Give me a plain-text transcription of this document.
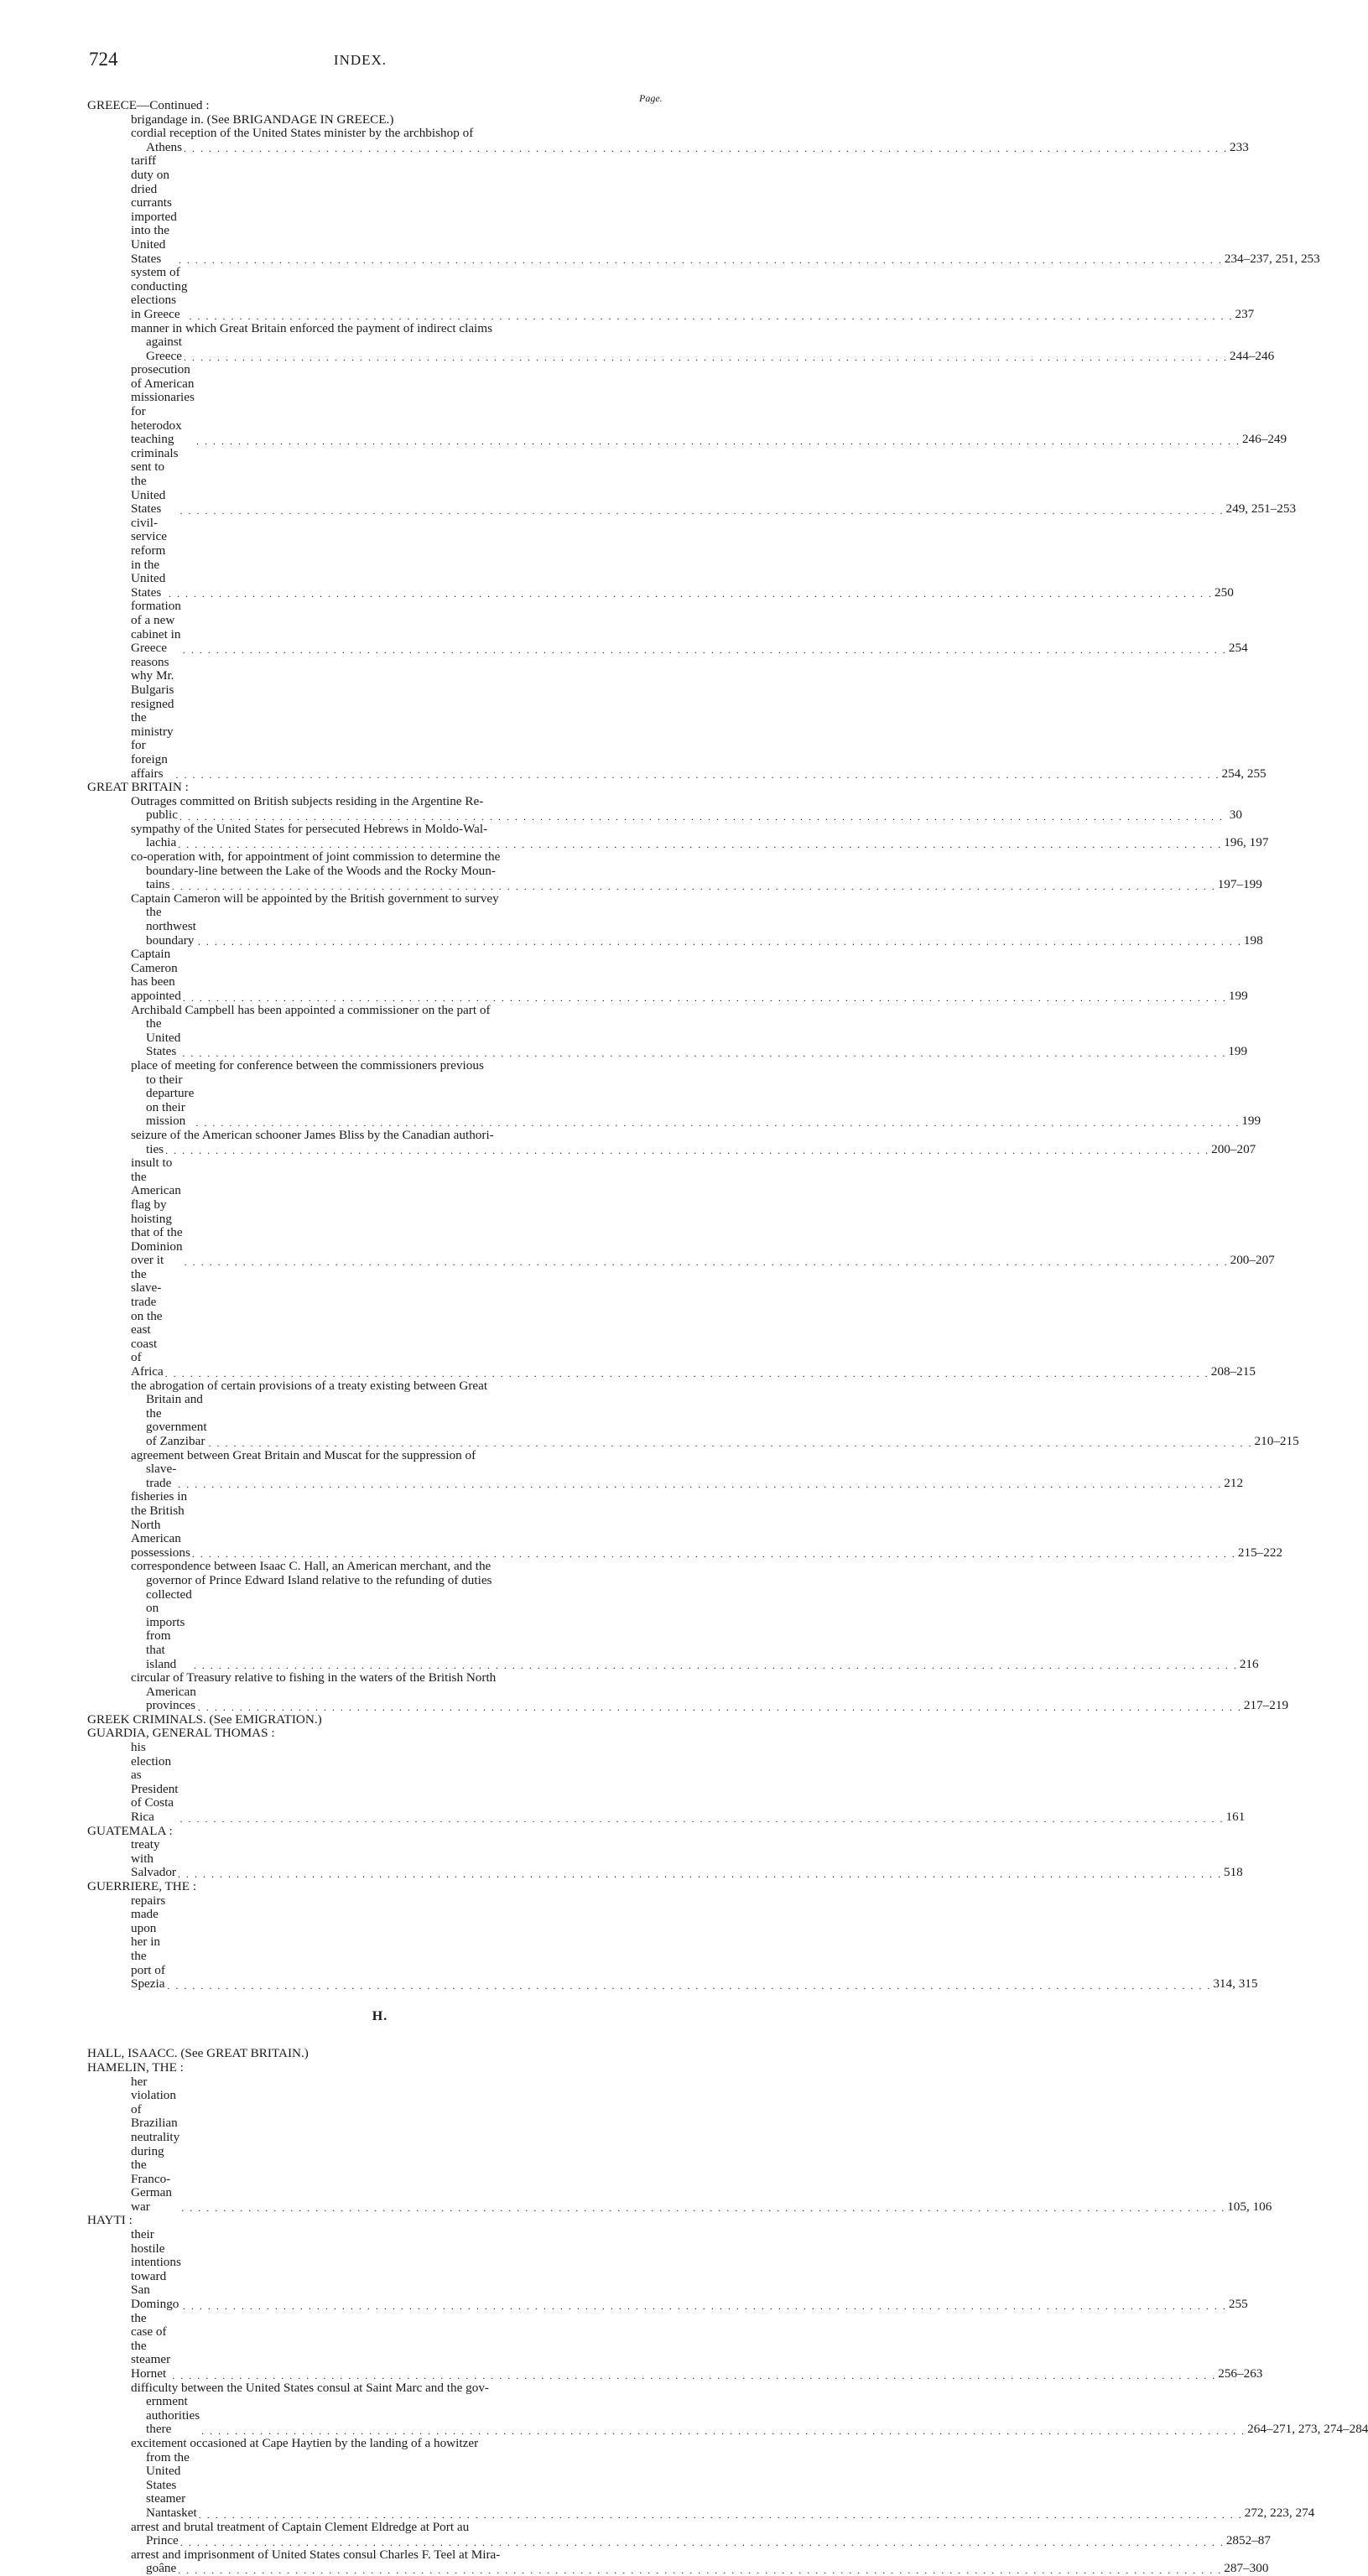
724	INDEX.
Page.
GREECE—Continued :
brigandage in. (See BRIGANDAGE IN GREECE.)
cordial reception of the United States minister by the archbishop of
Athens . . .	233
tariff duty on dried currants imported into the United States . . .	234–237, 251, 253
system of conducting elections in Greece . . .	237
manner in which Great Britain enforced the payment of indirect claims
against Greece . . .	244–246
prosecution of American missionaries for heterodox teaching . . .	246–249
criminals sent to the United States . . .	249, 251–253
civil-service reform in the United States . . .	250
formation of a new cabinet in Greece . . .	254
reasons why Mr. Bulgaris resigned the ministry for foreign affairs . . .	254, 255
GREAT BRITAIN :
Outrages committed on British subjects residing in the Argentine Re-
public . . .	30
sympathy of the United States for persecuted Hebrews in Moldo-Wal-
lachia . . .	196, 197
co-operation with, for appointment of joint commission to determine the
boundary-line between the Lake of the Woods and the Rocky Moun-
tains . . .	197–199
Captain Cameron will be appointed by the British government to survey
the northwest boundary . . .	198
Captain Cameron has been appointed . . .	199
Archibald Campbell has been appointed a commissioner on the part of
the United States . . .	199
place of meeting for conference between the commissioners previous
to their departure on their mission . . .	199
seizure of the American schooner James Bliss by the Canadian authori-
ties . . .	200–207
insult to the American flag by hoisting that of the Dominion over it . . .	200–207
the slave-trade on the east coast of Africa . . .	208–215
the abrogation of certain provisions of a treaty existing between Great
Britain and the government of Zanzibar . . .	210–215
agreement between Great Britain and Muscat for the suppression of
slave-trade . . .	212
fisheries in the British North American possessions . . .	215–222
correspondence between Isaac C. Hall, an American merchant, and the
governor of Prince Edward Island relative to the refunding of duties
collected on imports from that island . . .	216
circular of Treasury relative to fishing in the waters of the British North
American provinces . . .	217–219
GREEK CRIMINALS. (See EMIGRATION.)
GUARDIA, GENERAL THOMAS :
his election as President of Costa Rica . . .	161
GUATEMALA :
treaty with Salvador . . .	518
GUERRIERE, THE :
repairs made upon her in the port of Spezia . . .	314, 315
H.
HALL, ISAACC. (See GREAT BRITAIN.)
HAMELIN, THE :
her violation of Brazilian neutrality during the Franco-German war . . .	105, 106
HAYTI :
their hostile intentions toward San Domingo . . .	255
the case of the steamer Hornet . . .	256–263
difficulty between the United States consul at Saint Marc and the gov-
ernment authorities there . . .	264–271, 273, 274–284
excitement occasioned at Cape Haytien by the landing of a howitzer
from the United States steamer Nantasket . . .	272, 223, 274
arrest and brutal treatment of Captain Clement Eldredge at Port au
Prince . . .	2852–87
arrest and imprisonment of United States consul Charles F. Teel at Mira-
goâne . . .	287–300
